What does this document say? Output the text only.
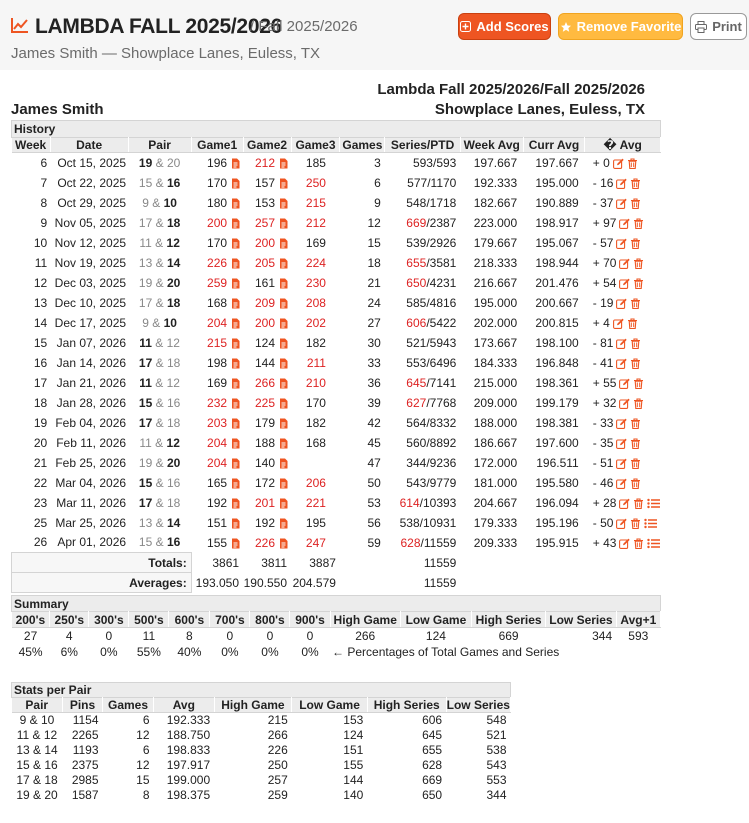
LAMBDA FALL 2025/2026
/ Fall 2025/2026
James Smith — Showplace Lanes, Euless, TX
Add Scores Remove Favorite Print
Lambda Fall 2025/2026/Fall 2025/2026
James Smith	Showplace Lanes, Euless, TX
History										
Week	Date	Pair	Game1	Game2	Game3	Games	Series/PTD	Week Avg	Curr Avg	� Avg
6	Oct 15, 2025	19 & 20	196	212	185	3	593/593	197.667	197.667	+ 0
7	Oct 22, 2025	15 & 16	170	157	250	6	577/1170	192.333	195.000	- 16
8	Oct 29, 2025	9 & 10	180	153	215	9	548/1718	182.667	190.889	- 37
9	Nov 05, 2025	17 & 18	200	257	212	12	669/2387	223.000	198.917	+ 97
10	Nov 12, 2025	11 & 12	170	200	169	15	539/2926	179.667	195.067	- 57
11	Nov 19, 2025	13 & 14	226	205	224	18	655/3581	218.333	198.944	+ 70
12	Dec 03, 2025	19 & 20	259	161	230	21	650/4231	216.667	201.476	+ 54
13	Dec 10, 2025	17 & 18	168	209	208	24	585/4816	195.000	200.667	- 19
14	Dec 17, 2025	9 & 10	204	200	202	27	606/5422	202.000	200.815	+ 4
15	Jan 07, 2026	11 & 12	215	124	182	30	521/5943	173.667	198.100	- 81
16	Jan 14, 2026	17 & 18	198	144	211	33	553/6496	184.333	196.848	- 41
17	Jan 21, 2026	11 & 12	169	266	210	36	645/7141	215.000	198.361	+ 55
18	Jan 28, 2026	15 & 16	232	225	170	39	627/7768	209.000	199.179	+ 32
19	Feb 04, 2026	17 & 18	203	179	182	42	564/8332	188.000	198.381	- 33
20	Feb 11, 2026	11 & 12	204	188	168	45	560/8892	186.667	197.600	- 35
21	Feb 25, 2026	19 & 20	204	140		47	344/9236	172.000	196.511	- 51
22	Mar 04, 2026	15 & 16	165	172	206	50	543/9779	181.000	195.580	- 46
23	Mar 11, 2026	17 & 18	192	201	221	53	614/10393	204.667	196.094	+ 28
25	Mar 25, 2026	13 & 14	151	192	195	56	538/10931	179.333	195.196	- 50
26	Apr 01, 2026	15 & 16	155	226	247	59	628/11559	209.333	195.915	+ 43
Totals:			3861	3811	3887		11559			
Averages:			193.050	190.550	204.579		11559			
Summary												
200's	250's	300's	500's	600's	700's	800's	900's	High Game	Low Game	High Series	Low Series	Avg+1
27	4	0	11	8	0	0	0	266	124	669	344	593
45%	6%	0%	55%	40%	0%	0%	0%	← Percentages of Total Games and Series				
Stats per Pair							
Pair	Pins	Games	Avg	High Game	Low Game	High Series	Low Series
9 & 10	1154	6	192.333	215	153	606	548
11 & 12	2265	12	188.750	266	124	645	521
13 & 14	1193	6	198.833	226	151	655	538
15 & 16	2375	12	197.917	250	155	628	543
17 & 18	2985	15	199.000	257	144	669	553
19 & 20	1587	8	198.375	259	140	650	344
